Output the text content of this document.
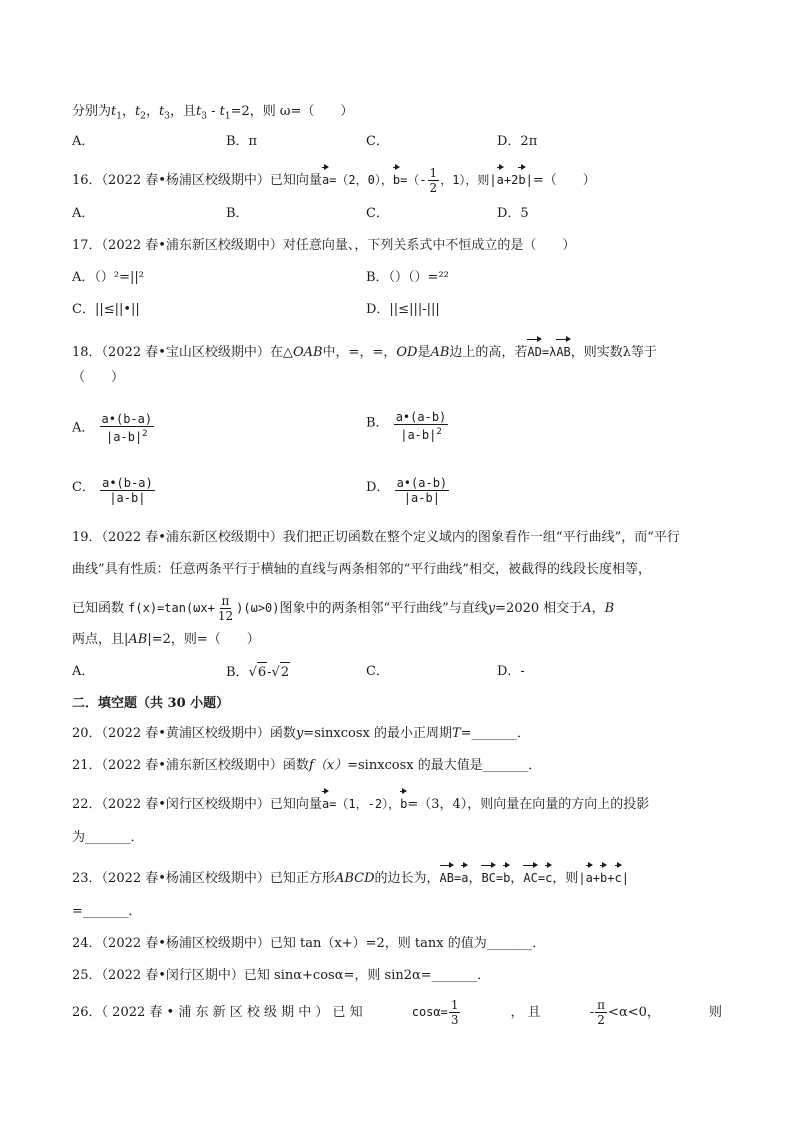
分别为$t_1$，$t_2$，$t_3$，且$t_3 - t_1=2$，则 ω=（　　）
A．	B．π	C．	D．2π
16．（2022 春•杨浦区校级期中）已知向量a=（2，0），$b=(- \frac{1}{2}$ ，1），则|a+2b|=（　　）
A．	B．	C．	D．5
17．（2022 春•浦东新区校级期中）对任意向量、，下列关系式中不恒成立的是（　　）
A．（）²=||²	B．（）（）=²²
C．||≤||•||	D．||≤|||-|||
18．（2022 春•宝山区校级期中）在△OAB中，=，=，OD是AB边上的高，若AD=λAB，则实数λ等于
（　　）
A． $\frac{a•(b-a)}{|a-b|^2}$	B． $\frac{a•(a-b)}{|a-b|^2}$
C． $\frac{a•(b-a)}{|a-b|}$	D． $\frac{a•(a-b)}{|a-b|}$
19．（2022 春•浦东新区校级期中）我们把正切函数在整个定义域内的图象看作一组“平行曲线”，而“平行
曲线”具有性质：任意两条平行于横轴的直线与两条相邻的“平行曲线”相交，被截得的线段长度相等，
已知函数 $f(x)=\tan(\omega x+ \frac{\pi}{12} )(\omega>0)$图象中的两条相邻“平行曲线”与直线y=2020 相交于A，B
两点，且|AB|=2，则=（　　）
A．	B．√6-√2	C．	D．-
二．填空题（共 30 小题）
20．（2022 春•黄浦区校级期中）函数y=sinxcosx 的最小正周期T=_______．
21．（2022 春•浦东新区校级期中）函数f（x）=sinxcosx 的最大值是_______．
22．（2022 春•闵行区校级期中）已知向量a=（1，-2），b=（3，4），则向量在向量的方向上的投影
为_______．
23．（2022 春•杨浦区校级期中）已知正方形ABCD的边长为，AB=a，BC=b，AC=c，则|a+b+c|
=_______．
24．（2022 春•杨浦区校级期中）已知 tan（x+）=2，则 tanx 的值为_______．
25．（2022 春•闵行区期中）已知 sinα+cosα=，则 sin2α=_______．
26．（ 2022 春 • 浦 东 新 区 校 级 期 中 ） 已 知	$\cos\alpha= \frac{1}{3}$	， 且	- $\frac{\pi}{2} <\alpha<0$，	则
